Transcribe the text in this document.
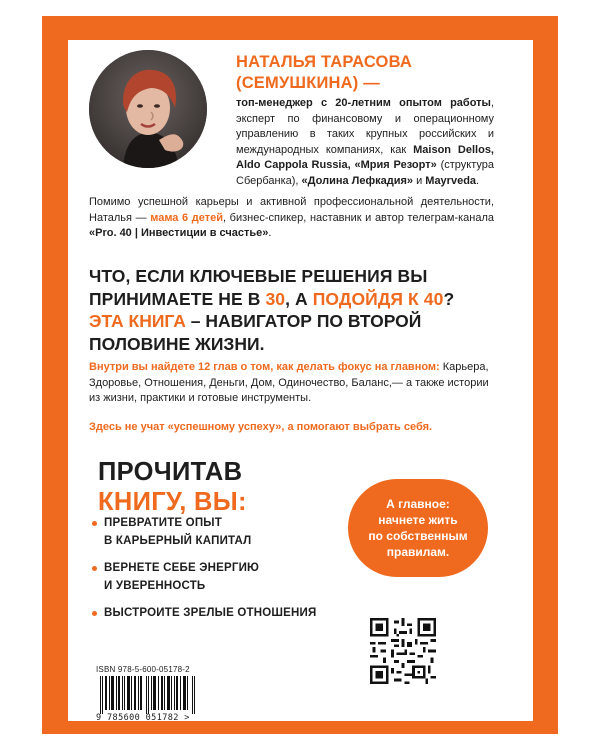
НАТАЛЬЯ ТАРАСОВА
(СЕМУШКИНА) —
топ-менеджер с 20-летним опытом работы, эксперт по финансовому и операционному управлению в таких крупных российских и международных компаниях, как Maison Dellos, Aldo Cappola Russia, «Мрия Резорт» (структура Сбербанка), «Долина Лефкадия» и Mayrveda.
Помимо успешной карьеры и активной профессиональной деятельности, Наталья — мама 6 детей, бизнес-спикер, наставник и автор телеграм-канала «Pro. 40 | Инвестиции в счастье».
ЧТО, ЕСЛИ КЛЮЧЕВЫЕ РЕШЕНИЯ ВЫ ПРИНИМАЕТЕ НЕ В 30, А ПОДОЙДЯ К 40?
ЭТА КНИГА – НАВИГАТОР ПО ВТОРОЙ ПОЛОВИНЕ ЖИЗНИ.
Внутри вы найдете 12 глав о том, как делать фокус на главном: Карьера, Здоровье, Отношения, Деньги, Дом, Одиночество, Баланс,— а также истории из жизни, практики и готовые инструменты.
Здесь не учат «успешному успеху», а помогают выбрать себя.
ПРОЧИТАВ
КНИГУ, ВЫ:
ПРЕВРАТИТЕ ОПЫТ
В КАРЬЕРНЫЙ КАПИТАЛ
ВЕРНЕТЕ СЕБЕ ЭНЕРГИЮ
И УВЕРЕННОСТЬ
ВЫСТРОИТЕ ЗРЕЛЫЕ ОТНОШЕНИЯ
А главное:
начнете жить
по собственным
правилам.
ISBN 978-5-600-05178-2
9 785600 051782 >
